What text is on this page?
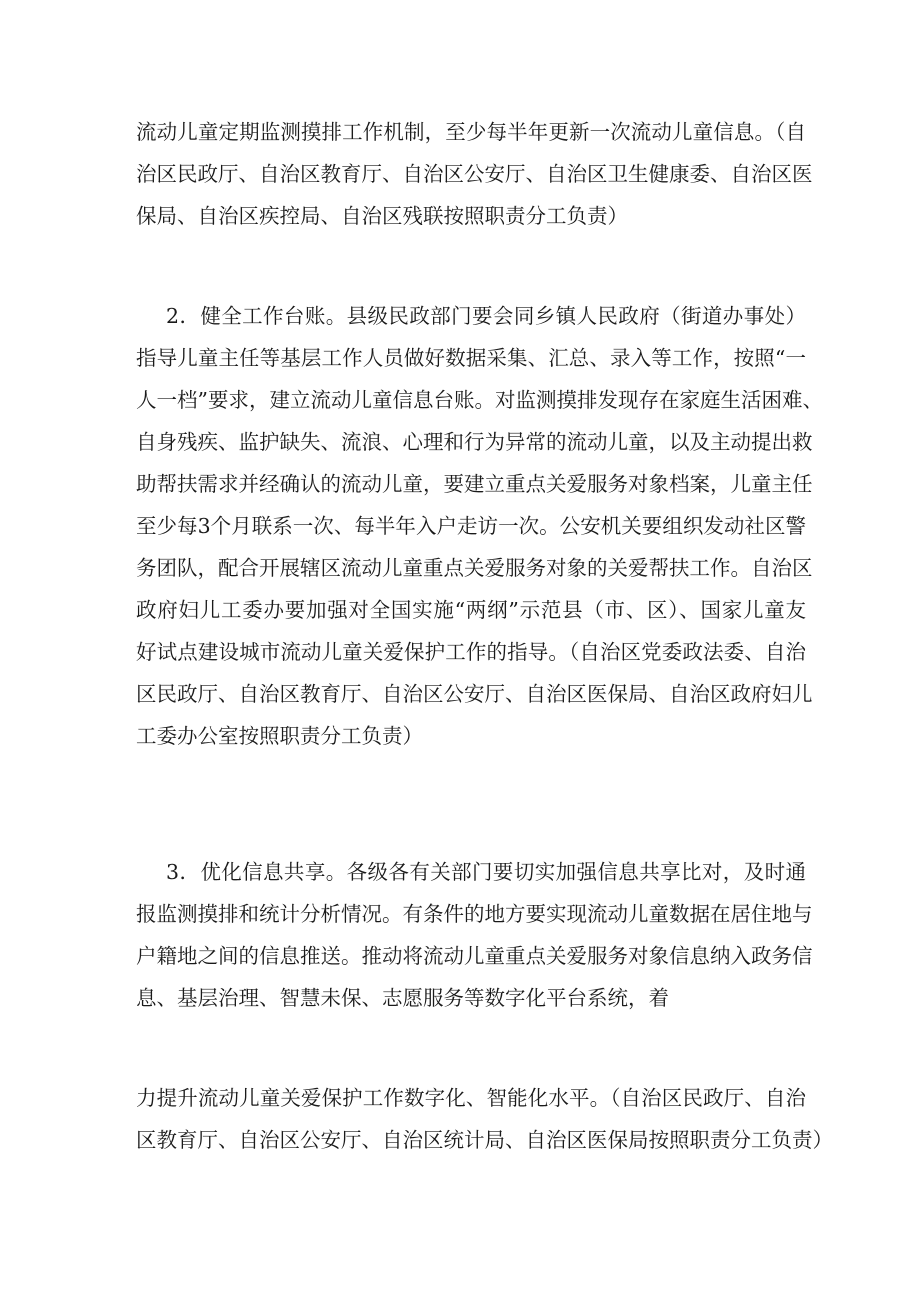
流动儿童定期监测摸排工作机制，至少每半年更新一次流动儿童信息。（自
治区民政厅、自治区教育厅、自治区公安厅、自治区卫生健康委、自治区医
保局、自治区疾控局、自治区残联按照职责分工负责）
2．健全工作台账。县级民政部门要会同乡镇人民政府（街道办事处）
指导儿童主任等基层工作人员做好数据采集、汇总、录入等工作，按照“一
人一档”要求，建立流动儿童信息台账。对监测摸排发现存在家庭生活困难、
自身残疾、监护缺失、流浪、心理和行为异常的流动儿童，以及主动提出救
助帮扶需求并经确认的流动儿童，要建立重点关爱服务对象档案，儿童主任
至少每3个月联系一次、每半年入户走访一次。公安机关要组织发动社区警
务团队，配合开展辖区流动儿童重点关爱服务对象的关爱帮扶工作。自治区
政府妇儿工委办要加强对全国实施“两纲”示范县（市、区）、国家儿童友
好试点建设城市流动儿童关爱保护工作的指导。（自治区党委政法委、自治
区民政厅、自治区教育厅、自治区公安厅、自治区医保局、自治区政府妇儿
工委办公室按照职责分工负责）
3．优化信息共享。各级各有关部门要切实加强信息共享比对，及时通
报监测摸排和统计分析情况。有条件的地方要实现流动儿童数据在居住地与
户籍地之间的信息推送。推动将流动儿童重点关爱服务对象信息纳入政务信
息、基层治理、智慧未保、志愿服务等数字化平台系统，着
力提升流动儿童关爱保护工作数字化、智能化水平。（自治区民政厅、自治
区教育厅、自治区公安厅、自治区统计局、自治区医保局按照职责分工负责）
